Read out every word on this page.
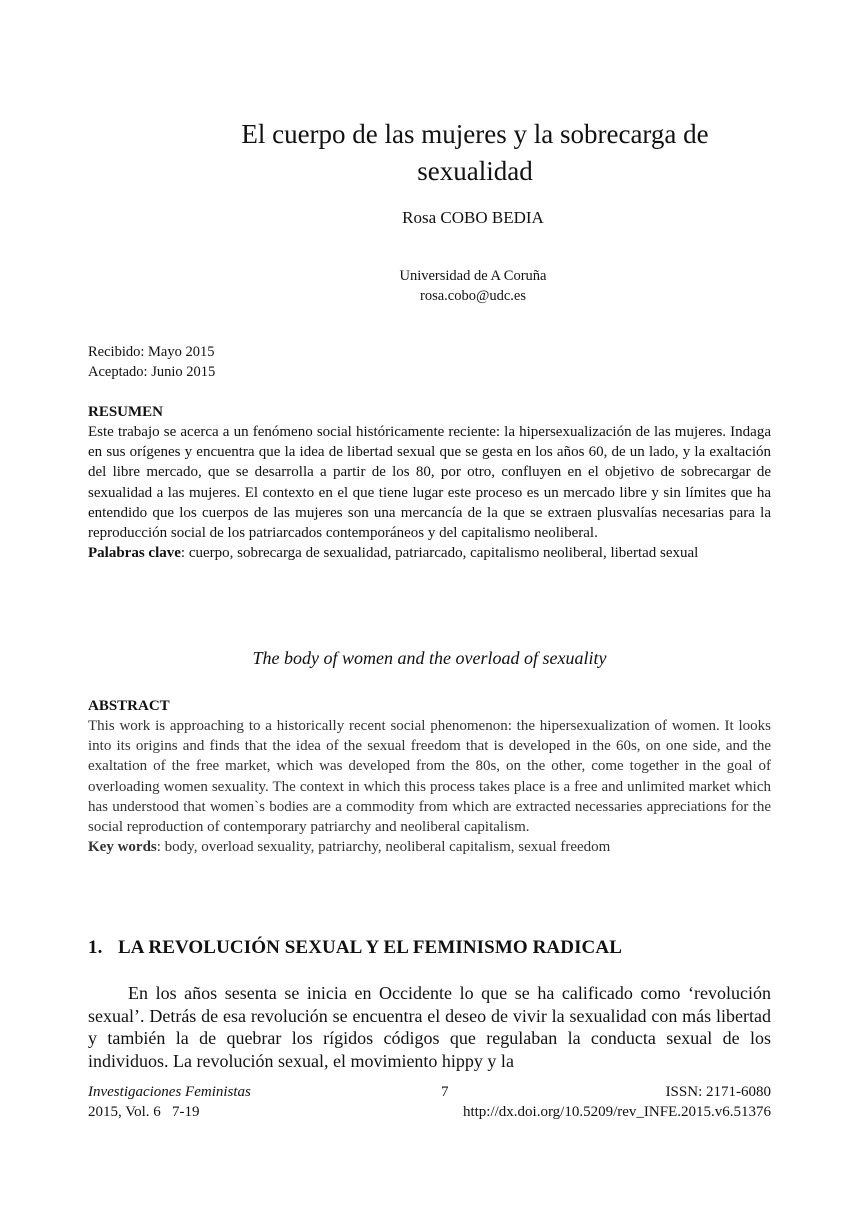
El cuerpo de las mujeres y la sobrecarga de
sexualidad
Rosa COBO BEDIA
Universidad de A Coruña
rosa.cobo@udc.es
Recibido: Mayo 2015
Aceptado: Junio 2015
RESUMEN
Este trabajo se acerca a un fenómeno social históricamente reciente: la hipersexualización de las mujeres. Indaga en sus orígenes y encuentra que la idea de libertad sexual que se gesta en los años 60, de un lado, y la exaltación del libre mercado, que se desarrolla a partir de los 80, por otro, confluyen en el objetivo de sobrecargar de sexualidad a las mujeres. El contexto en el que tiene lugar este proceso es un mercado libre y sin límites que ha entendido que los cuerpos de las mujeres son una mercancía de la que se extraen plusvalías necesarias para la reproducción social de los patriarcados contemporáneos y del capitalismo neoliberal.
Palabras clave: cuerpo, sobrecarga de sexualidad, patriarcado, capitalismo neoliberal, libertad sexual
The body of women and the overload of sexuality
ABSTRACT
This work is approaching to a historically recent social phenomenon: the hipersexualization of women. It looks into its origins and finds that the idea of the sexual freedom that is developed in the 60s, on one side, and the exaltation of the free market, which was developed from the 80s, on the other, come together in the goal of overloading women sexuality. The context in which this process takes place is a free and unlimited market which has understood that women`s bodies are a commodity from which are extracted necessaries appreciations for the social reproduction of contemporary patriarchy and neoliberal capitalism.
Key words: body, overload sexuality, patriarchy, neoliberal capitalism, sexual freedom
1. LA REVOLUCIÓN SEXUAL Y EL FEMINISMO RADICAL
En los años sesenta se inicia en Occidente lo que se ha calificado como ‘revolución sexual’. Detrás de esa revolución se encuentra el deseo de vivir la sexualidad con más libertad y también la de quebrar los rígidos códigos que regulaban la conducta sexual de los individuos. La revolución sexual, el movimiento hippy y la
Investigaciones Feministas	7	ISSN: 2171-6080
2015, Vol. 6   7-19	http://dx.doi.org/10.5209/rev_INFE.2015.v6.51376
